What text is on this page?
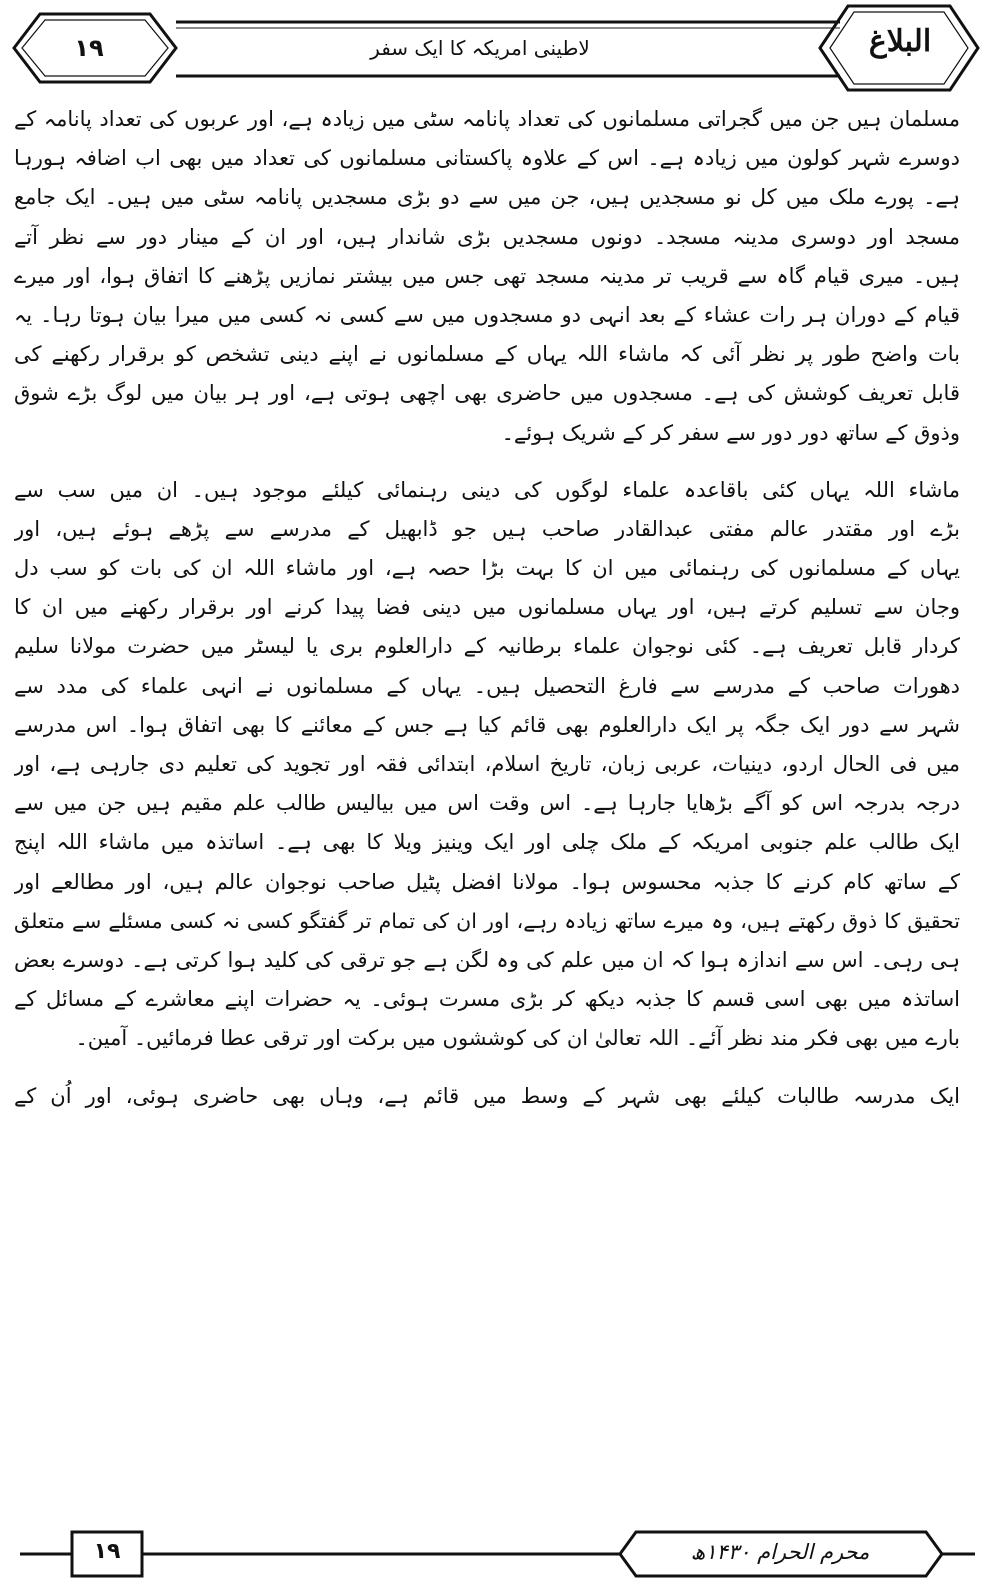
۱۹	لاطینی امریکہ کا ایک سفر	البلاغ
مسلمان ہیں جن میں گجراتی مسلمانوں کی تعداد پانامہ سٹی میں زیادہ ہے، اور عربوں کی تعداد پانامہ کے
دوسرے شہر کولون میں زیادہ ہے۔ اس کے علاوہ پاکستانی مسلمانوں کی تعداد میں بھی اب اضافہ ہورہا
ہے۔ پورے ملک میں کل نو مسجدیں ہیں، جن میں سے دو بڑی مسجدیں پانامہ سٹی میں ہیں۔ ایک جامع
مسجد اور دوسری مدینہ مسجد۔ دونوں مسجدیں بڑی شاندار ہیں، اور ان کے مینار دور سے نظر آتے
ہیں۔ میری قیام گاہ سے قریب تر مدینہ مسجد تھی جس میں بیشتر نمازیں پڑھنے کا اتفاق ہوا، اور میرے
قیام کے دوران ہر رات عشاء کے بعد انہی دو مسجدوں میں سے کسی نہ کسی میں میرا بیان ہوتا رہا۔ یہ
بات واضح طور پر نظر آئی کہ ماشاء اللہ یہاں کے مسلمانوں نے اپنے دینی تشخص کو برقرار رکھنے کی
قابل تعریف کوشش کی ہے۔ مسجدوں میں حاضری بھی اچھی ہوتی ہے، اور ہر بیان میں لوگ بڑے شوق
وذوق کے ساتھ دور دور سے سفر کر کے شریک ہوئے۔
ماشاء اللہ یہاں کئی باقاعدہ علماء لوگوں کی دینی رہنمائی کیلئے موجود ہیں۔ ان میں سب سے
بڑے اور مقتدر عالم مفتی عبدالقادر صاحب ہیں جو ڈابھیل کے مدرسے سے پڑھے ہوئے ہیں، اور
یہاں کے مسلمانوں کی رہنمائی میں ان کا بہت بڑا حصہ ہے، اور ماشاء اللہ ان کی بات کو سب دل
وجان سے تسلیم کرتے ہیں، اور یہاں مسلمانوں میں دینی فضا پیدا کرنے اور برقرار رکھنے میں ان کا
کردار قابل تعریف ہے۔ کئی نوجوان علماء برطانیہ کے دارالعلوم بری یا لیسٹر میں حضرت مولانا سلیم
دھورات صاحب کے مدرسے سے فارغ التحصیل ہیں۔ یہاں کے مسلمانوں نے انہی علماء کی مدد سے
شہر سے دور ایک جگہ پر ایک دارالعلوم بھی قائم کیا ہے جس کے معائنے کا بھی اتفاق ہوا۔ اس مدرسے
میں فی الحال اردو، دینیات، عربی زبان، تاریخ اسلام، ابتدائی فقہ اور تجوید کی تعلیم دی جارہی ہے، اور
درجہ بدرجہ اس کو آگے بڑھایا جارہا ہے۔ اس وقت اس میں بیالیس طالب علم مقیم ہیں جن میں سے
ایک طالب علم جنوبی امریکہ کے ملک چلی اور ایک وینیز ویلا کا بھی ہے۔ اساتذہ میں ماشاء اللہ اپنج
کے ساتھ کام کرنے کا جذبہ محسوس ہوا۔ مولانا افضل پٹیل صاحب نوجوان عالم ہیں، اور مطالعے اور
تحقیق کا ذوق رکھتے ہیں، وہ میرے ساتھ زیادہ رہے، اور ان کی تمام تر گفتگو کسی نہ کسی مسئلے سے متعلق
ہی رہی۔ اس سے اندازہ ہوا کہ ان میں علم کی وہ لگن ہے جو ترقی کی کلید ہوا کرتی ہے۔ دوسرے بعض
اساتذہ میں بھی اسی قسم کا جذبہ دیکھ کر بڑی مسرت ہوئی۔ یہ حضرات اپنے معاشرے کے مسائل کے
بارے میں بھی فکر مند نظر آئے۔ اللہ تعالیٰ ان کی کوششوں میں برکت اور ترقی عطا فرمائیں۔ آمین۔
ایک مدرسہ طالبات کیلئے بھی شہر کے وسط میں قائم ہے، وہاں بھی حاضری ہوئی، اور اُن کے
۱۹	محرم الحرام ۱۴۳۰ھ
